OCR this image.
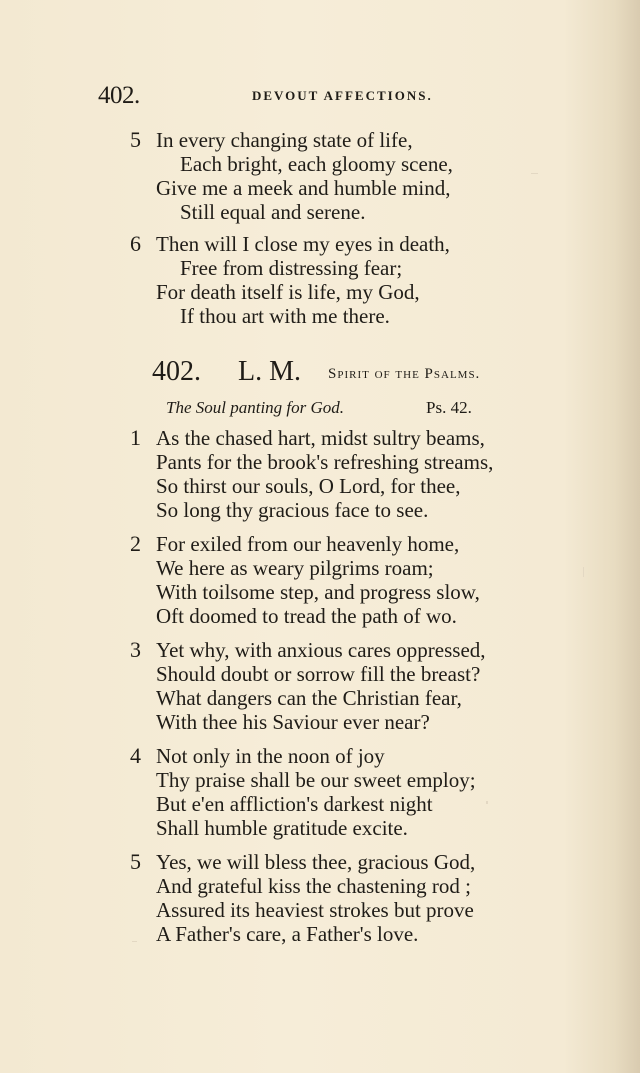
402.	DEVOUT AFFECTIONS.
5 In every changing state of life,
Each bright, each gloomy scene,
Give me a meek and humble mind,
Still equal and serene.
6 Then will I close my eyes in death,
Free from distressing fear;
For death itself is life, my God,
If thou art with me there.
402. L. M. Spirit of the Psalms.
The Soul panting for God.	Ps. 42.
1 As the chased hart, midst sultry beams,
Pants for the brook's refreshing streams,
So thirst our souls, O Lord, for thee,
So long thy gracious face to see.
2 For exiled from our heavenly home,
We here as weary pilgrims roam;
With toilsome step, and progress slow,
Oft doomed to tread the path of wo.
3 Yet why, with anxious cares oppressed,
Should doubt or sorrow fill the breast?
What dangers can the Christian fear,
With thee his Saviour ever near?
4 Not only in the noon of joy
Thy praise shall be our sweet employ;
But e'en affliction's darkest night
Shall humble gratitude excite.
5 Yes, we will bless thee, gracious God,
And grateful kiss the chastening rod ;
Assured its heaviest strokes but prove
A Father's care, a Father's love.
